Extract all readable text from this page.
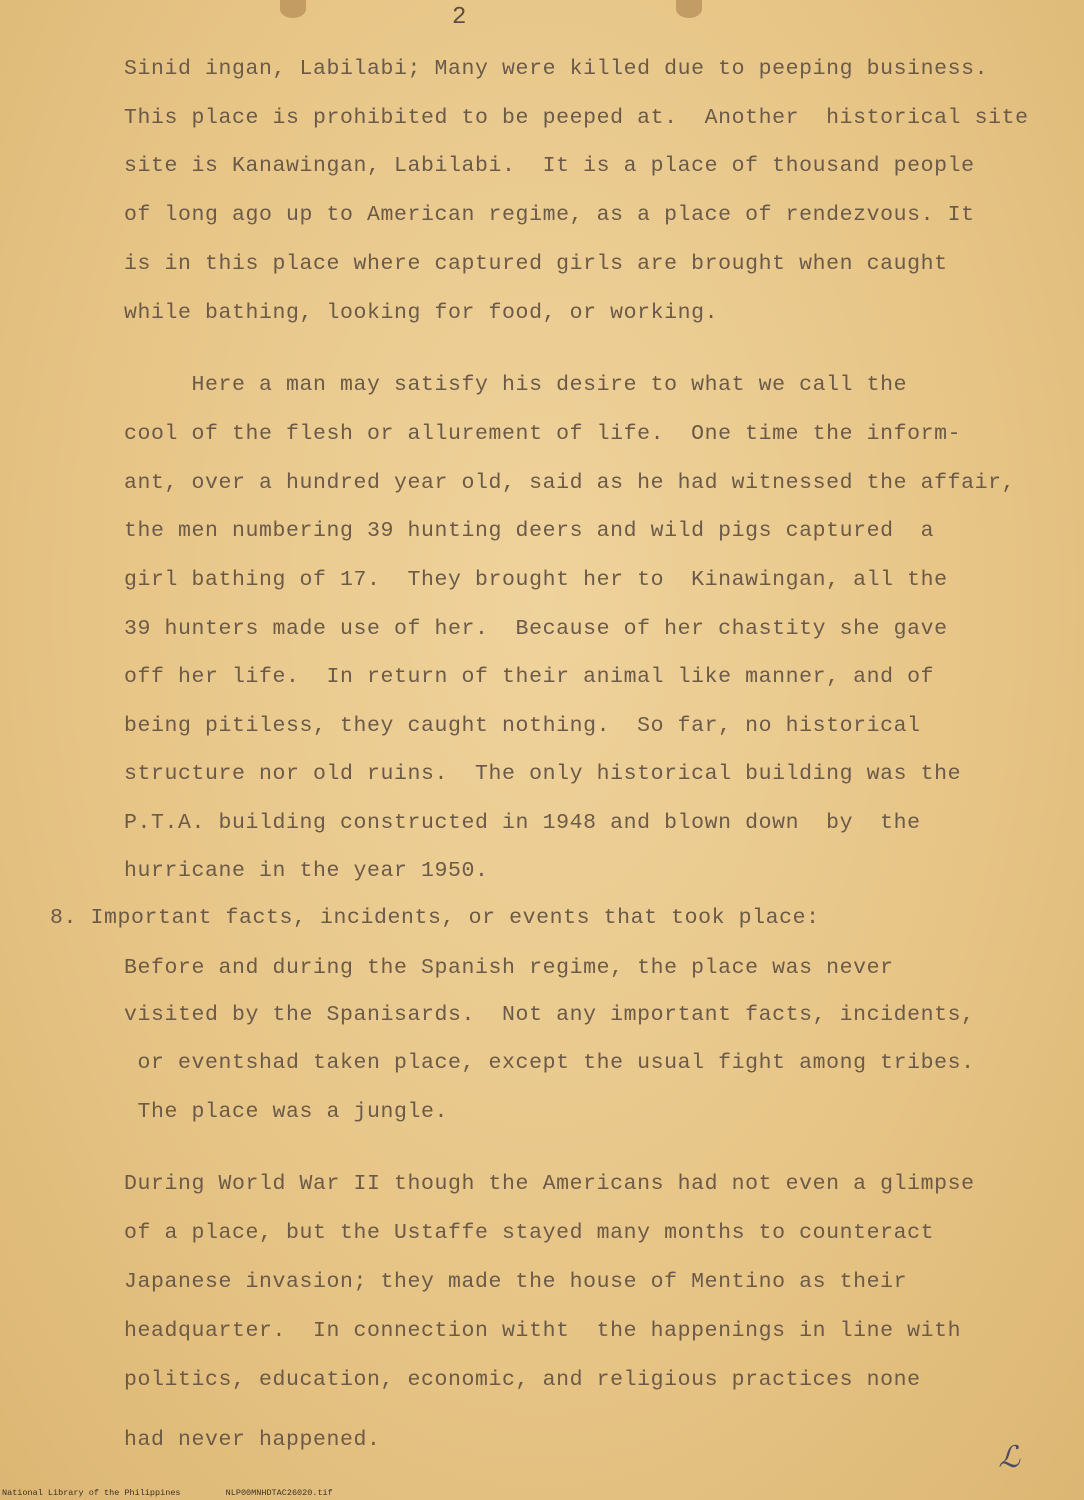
2
Sinid ingan, Labilabi; Many were killed due to peeping business.
This place is prohibited to be peeped at.  Another  historical site
site is Kanawingan, Labilabi.  It is a place of thousand people
of long ago up to American regime, as a place of rendezvous. It
is in this place where captured girls are brought when caught
while bathing, looking for food, or working.
Here a man may satisfy his desire to what we call the
cool of the flesh or allurement of life.  One time the inform-
ant, over a hundred year old, said as he had witnessed the affair,
the men numbering 39 hunting deers and wild pigs captured  a
girl bathing of 17.  They brought her to  Kinawingan, all the
39 hunters made use of her.  Because of her chastity she gave
off her life.  In return of their animal like manner, and of
being pitiless, they caught nothing.  So far, no historical
structure nor old ruins.  The only historical building was the
P.T.A. building constructed in 1948 and blown down  by  the
hurricane in the year 1950.
8. Important facts, incidents, or events that took place:
Before and during the Spanish regime, the place was never
visited by the Spanisards.  Not any important facts, incidents,
or eventshad taken place, except the usual fight among tribes.
The place was a jungle.
During World War II though the Americans had not even a glimpse
of a place, but the Ustaffe stayed many months to counteract
Japanese invasion; they made the house of Mentino as their
headquarter.  In connection witht  the happenings in line with
politics, education, economic, and religious practices none
had never happened.	ℒ
National Library of the Philippines	NLP00MNHDTAC26020.tif
